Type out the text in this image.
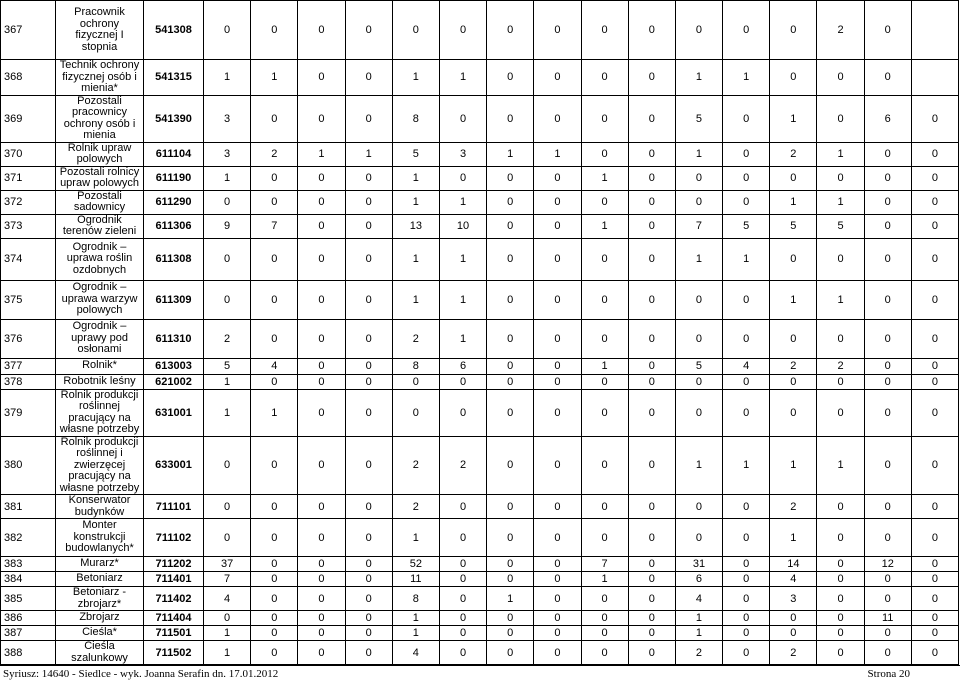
367	Pracownik
ochrony
fizycznej I
stopnia	541308	0	0	0	0	0	0	0	0	0	0	0	0	0	2	0	
368	Technik ochrony
fizycznej osób i
mienia*	541315	1	1	0	0	1	1	0	0	0	0	1	1	0	0	0	
369	Pozostali
pracownicy
ochrony osób i
mienia	541390	3	0	0	0	8	0	0	0	0	0	5	0	1	0	6	0
370	Rolnik upraw
polowych	611104	3	2	1	1	5	3	1	1	0	0	1	0	2	1	0	0
371	Pozostali rolnicy
upraw polowych	611190	1	0	0	0	1	0	0	0	1	0	0	0	0	0	0	0
372	Pozostali
sadownicy	611290	0	0	0	0	1	1	0	0	0	0	0	0	1	1	0	0
373	Ogrodnik
terenów zieleni	611306	9	7	0	0	13	10	0	0	1	0	7	5	5	5	0	0
374	Ogrodnik –
uprawa roślin
ozdobnych	611308	0	0	0	0	1	1	0	0	0	0	1	1	0	0	0	0
375	Ogrodnik –
uprawa warzyw
polowych	611309	0	0	0	0	1	1	0	0	0	0	0	0	1	1	0	0
376	Ogrodnik –
uprawy pod
osłonami	611310	2	0	0	0	2	1	0	0	0	0	0	0	0	0	0	0
377	Rolnik*	613003	5	4	0	0	8	6	0	0	1	0	5	4	2	2	0	0
378	Robotnik leśny	621002	1	0	0	0	0	0	0	0	0	0	0	0	0	0	0	0
379	Rolnik produkcji
roślinnej
pracujący na
własne potrzeby	631001	1	1	0	0	0	0	0	0	0	0	0	0	0	0	0	0
380	Rolnik produkcji
roślinnej i
zwierzęcej
pracujący na
własne potrzeby	633001	0	0	0	0	2	2	0	0	0	0	1	1	1	1	0	0
381	Konserwator
budynków	711101	0	0	0	0	2	0	0	0	0	0	0	0	2	0	0	0
382	Monter
konstrukcji
budowlanych*	711102	0	0	0	0	1	0	0	0	0	0	0	0	1	0	0	0
383	Murarz*	711202	37	0	0	0	52	0	0	0	7	0	31	0	14	0	12	0
384	Betoniarz	711401	7	0	0	0	11	0	0	0	1	0	6	0	4	0	0	0
385	Betoniarz -
zbrojarz*	711402	4	0	0	0	8	0	1	0	0	0	4	0	3	0	0	0
386	Zbrojarz	711404	0	0	0	0	1	0	0	0	0	0	1	0	0	0	11	0
387	Cieśla*	711501	1	0	0	0	1	0	0	0	0	0	1	0	0	0	0	0
388	Cieśla
szalunkowy	711502	1	0	0	0	4	0	0	0	0	0	2	0	2	0	0	0
Syriusz: 14640 - Siedlce - wyk. Joanna Serafin dn. 17.01.2012	Strona 20
